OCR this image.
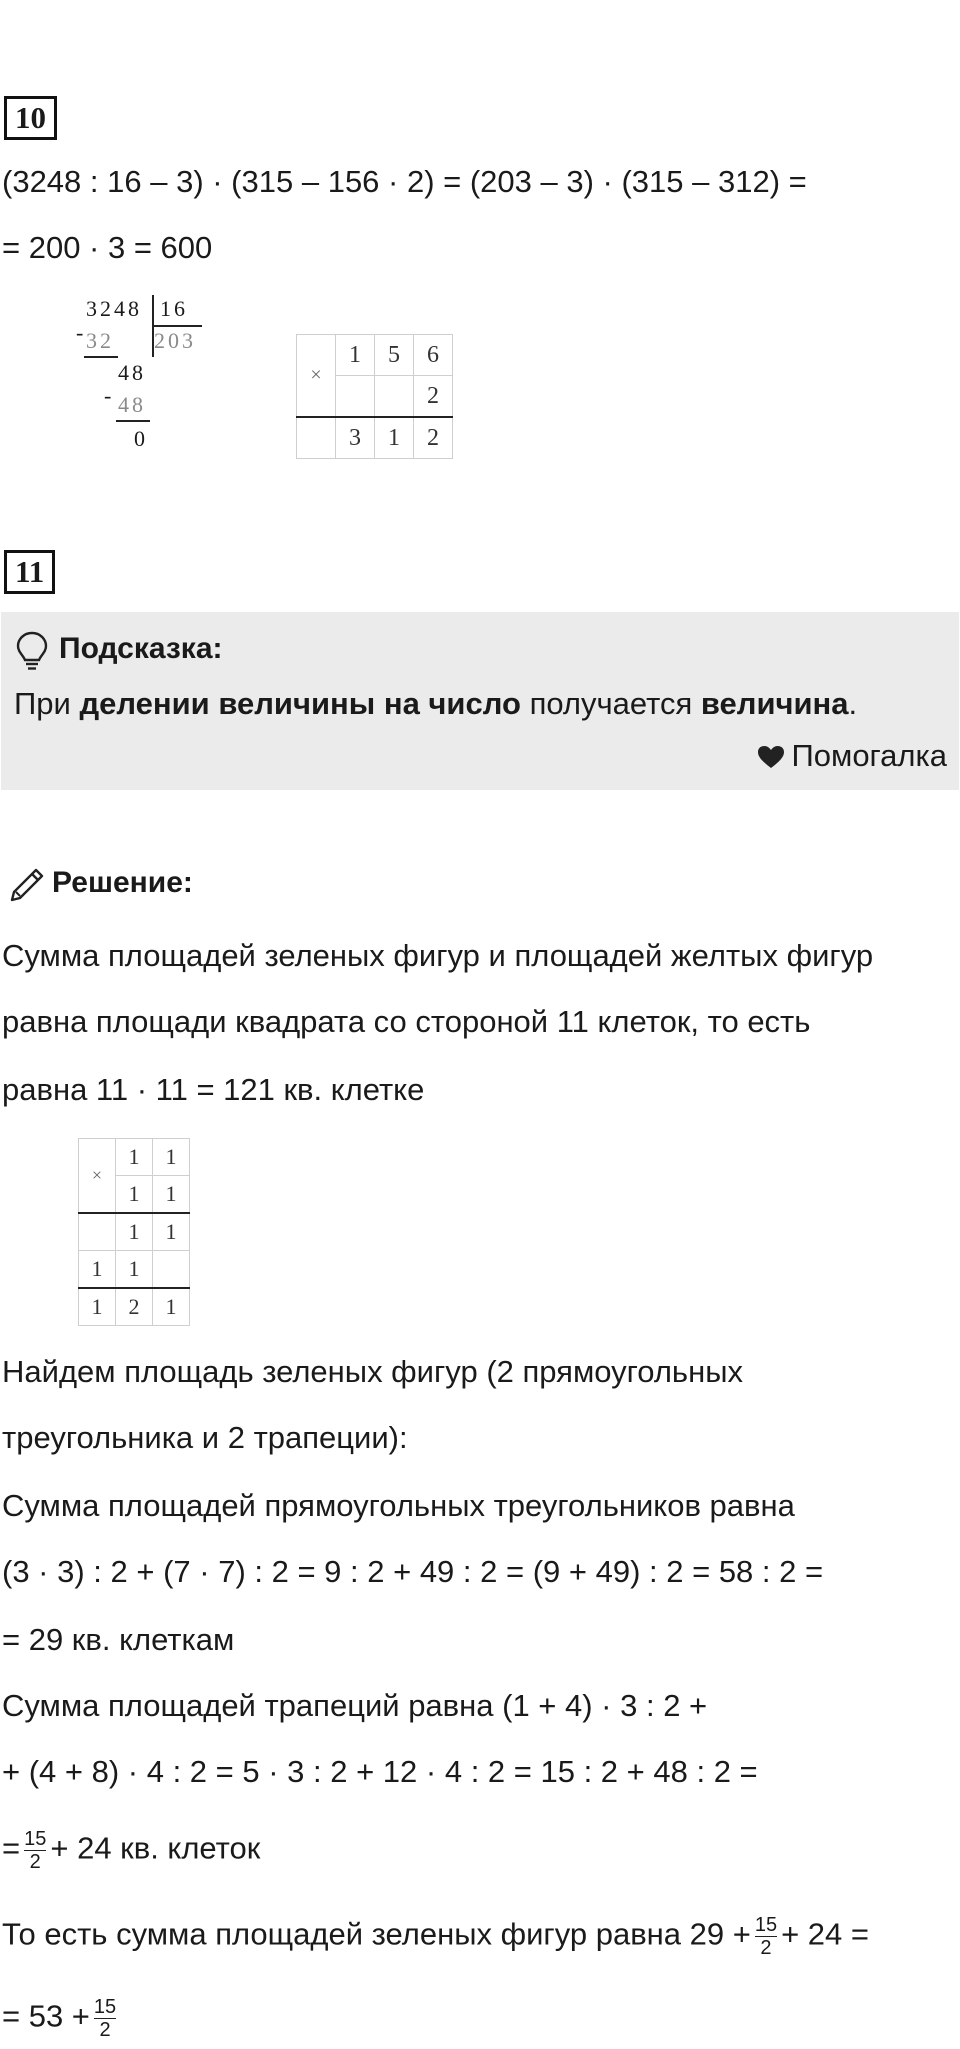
10
(3248 : 16 – 3) · (315 – 156 · 2) = (203 – 3) · (315 – 312) =
= 200 · 3 = 600
3248 16
203
- 32
48
- 48
0
×	1	5	6
			2
	3	1	2
11
Подсказка:
При делении величины на число получается величина.
Помогалка
Решение:
Сумма площадей зеленых фигур и площадей желтых фигур
равна площади квадрата со стороной 11 клеток, то есть
равна 11 · 11 = 121 кв. клетке
×	1	1
	1	1
	1	1
1	1	
1	2	1
Найдем площадь зеленых фигур (2 прямоугольных
треугольника и 2 трапеции):
Сумма площадей прямоугольных треугольников равна
(3 · 3) : 2 + (7 · 7) : 2 = 9 : 2 + 49 : 2 = (9 + 49) : 2 = 58 : 2 =
= 29 кв. клеткам
Сумма площадей трапеций равна (1 + 4) · 3 : 2 +
+ (4 + 8) · 4 : 2 = 5 · 3 : 2 + 12 · 4 : 2 = 15 : 2 + 48 : 2 =
= $\frac{15}{2} + 24$ кв. клеток
То есть сумма площадей зеленых фигур равна $29 + \frac{15}{2} + 24$ =
= $53 + \frac{15}{2}$
